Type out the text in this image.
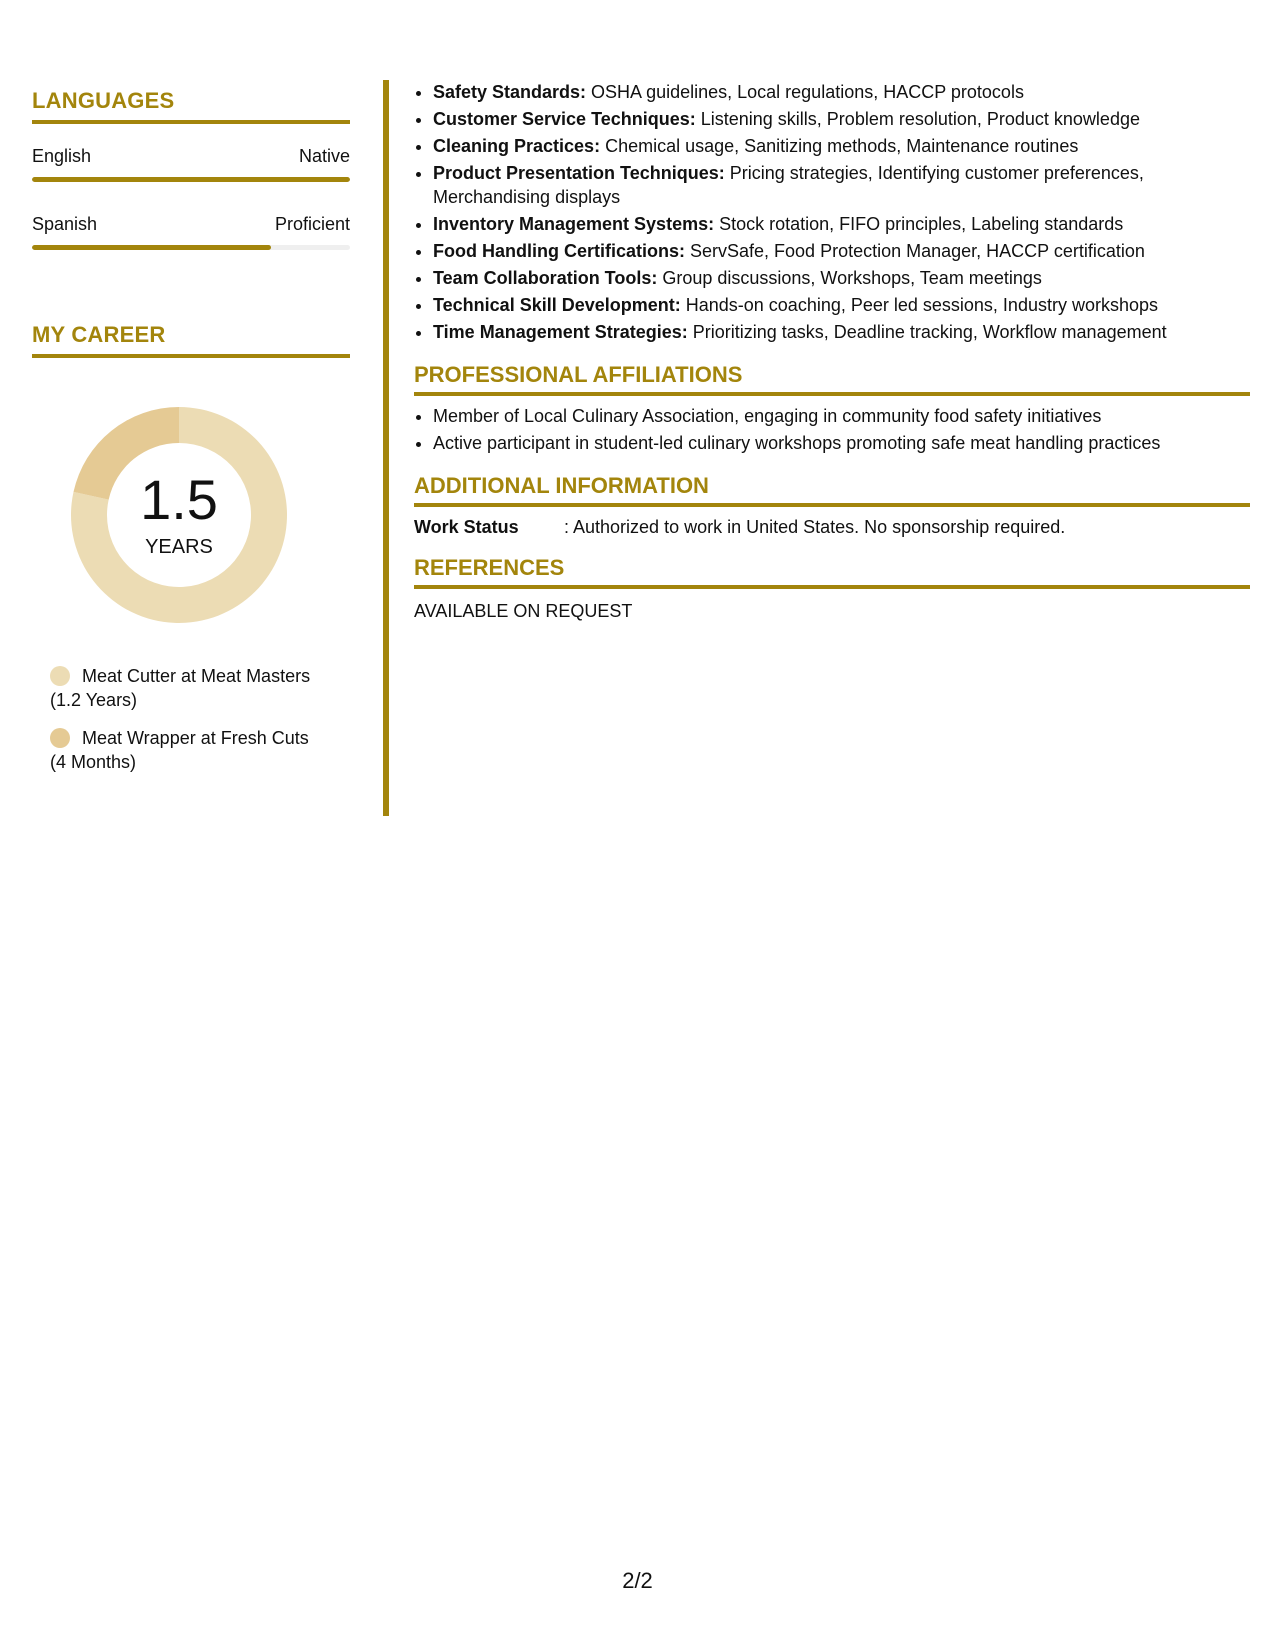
LANGUAGES
English	Native
Spanish	Proficient
MY CAREER
1.5
YEARS
Meat Cutter at Meat Masters
(1.2 Years)
Meat Wrapper at Fresh Cuts
(4 Months)
• Safety Standards: OSHA guidelines, Local regulations, HACCP protocols
• Customer Service Techniques: Listening skills, Problem resolution, Product knowledge
• Cleaning Practices: Chemical usage, Sanitizing methods, Maintenance routines
• Product Presentation Techniques: Pricing strategies, Identifying customer preferences, Merchandising displays
• Inventory Management Systems: Stock rotation, FIFO principles, Labeling standards
• Food Handling Certifications: ServSafe, Food Protection Manager, HACCP certification
• Team Collaboration Tools: Group discussions, Workshops, Team meetings
• Technical Skill Development: Hands-on coaching, Peer led sessions, Industry workshops
• Time Management Strategies: Prioritizing tasks, Deadline tracking, Workflow management
PROFESSIONAL AFFILIATIONS
• Member of Local Culinary Association, engaging in community food safety initiatives
• Active participant in student-led culinary workshops promoting safe meat handling practices
ADDITIONAL INFORMATION
Work Status	: Authorized to work in United States. No sponsorship required.
REFERENCES
AVAILABLE ON REQUEST
2/2
